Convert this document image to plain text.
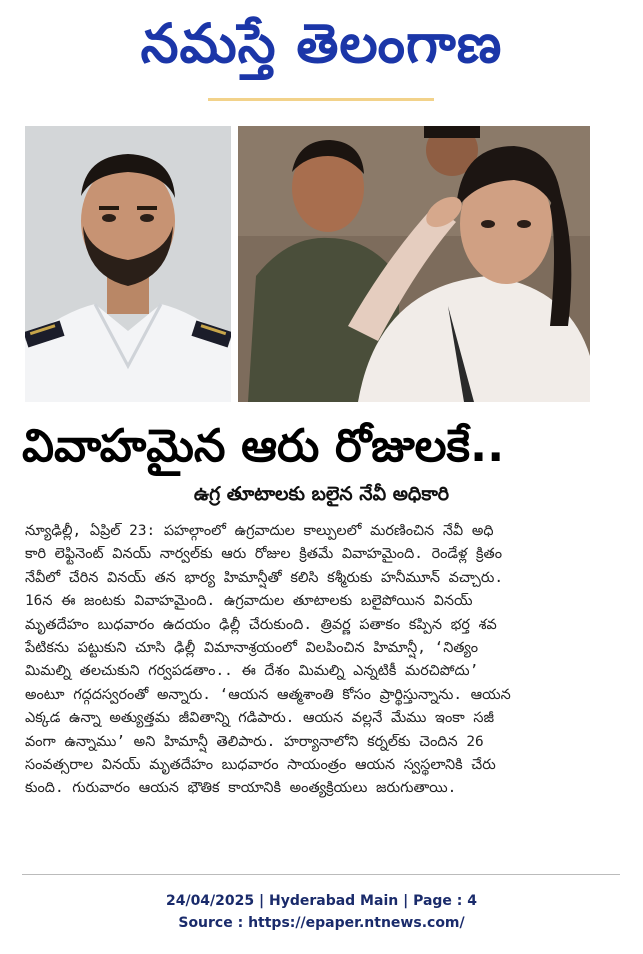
నమస్తే తెలంగాణ
వివాహమైన ఆరు రోజులకే..
ఉగ్ర తూటాలకు బలైన నేవీ అధికారి
న్యూఢిల్లీ, ఏప్రిల్ 23: పహల్గాంలో ఉగ్రవాదుల కాల్పులలో మరణించిన నేవీ అధి
కారి లెఫ్టినెంట్ వినయ్ నార్వల్‌కు ఆరు రోజుల క్రితమే వివాహమైంది. రెండేళ్ల క్రితం
నేవీలో చేరిన వినయ్ తన భార్య హిమాన్షీతో కలిసి కశ్మీరుకు హనీమూన్ వచ్చారు.
16న ఈ జంటకు వివాహమైంది. ఉగ్రవాదుల తూటాలకు బలైపోయిన వినయ్
మృతదేహం బుధవారం ఉదయం ఢిల్లీ చేరుకుంది. త్రివర్ణ పతాకం కప్పిన భర్త శవ
పేటికను పట్టుకుని చూసి ఢిల్లీ విమానాశ్రయంలో విలపించిన హిమాన్షీ, ‘నిత్యం
మిమల్ని తలచుకుని గర్వపడతాం.. ఈ దేశం మిమల్ని ఎన్నటికీ మరచిపోదు’
అంటూ గద్గదస్వరంతో అన్నారు. ‘ఆయన ఆత్మశాంతి కోసం ప్రార్థిస్తున్నాను. ఆయన
ఎక్కడ ఉన్నా అత్యుత్తమ జీవితాన్ని గడిపారు. ఆయన వల్లనే మేము ఇంకా సజీ
వంగా ఉన్నాము’ అని హిమాన్షీ తెలిపారు. హర్యానాలోని కర్నల్‌కు చెందిన 26
సంవత్సరాల వినయ్ మృతదేహం బుధవారం సాయంత్రం ఆయన స్వస్థలానికి చేరు
కుంది. గురువారం ఆయన భౌతిక కాయానికి అంత్యక్రియలు జరుగుతాయి.
24/04/2025 | Hyderabad Main | Page : 4
Source : https://epaper.ntnews.com/
